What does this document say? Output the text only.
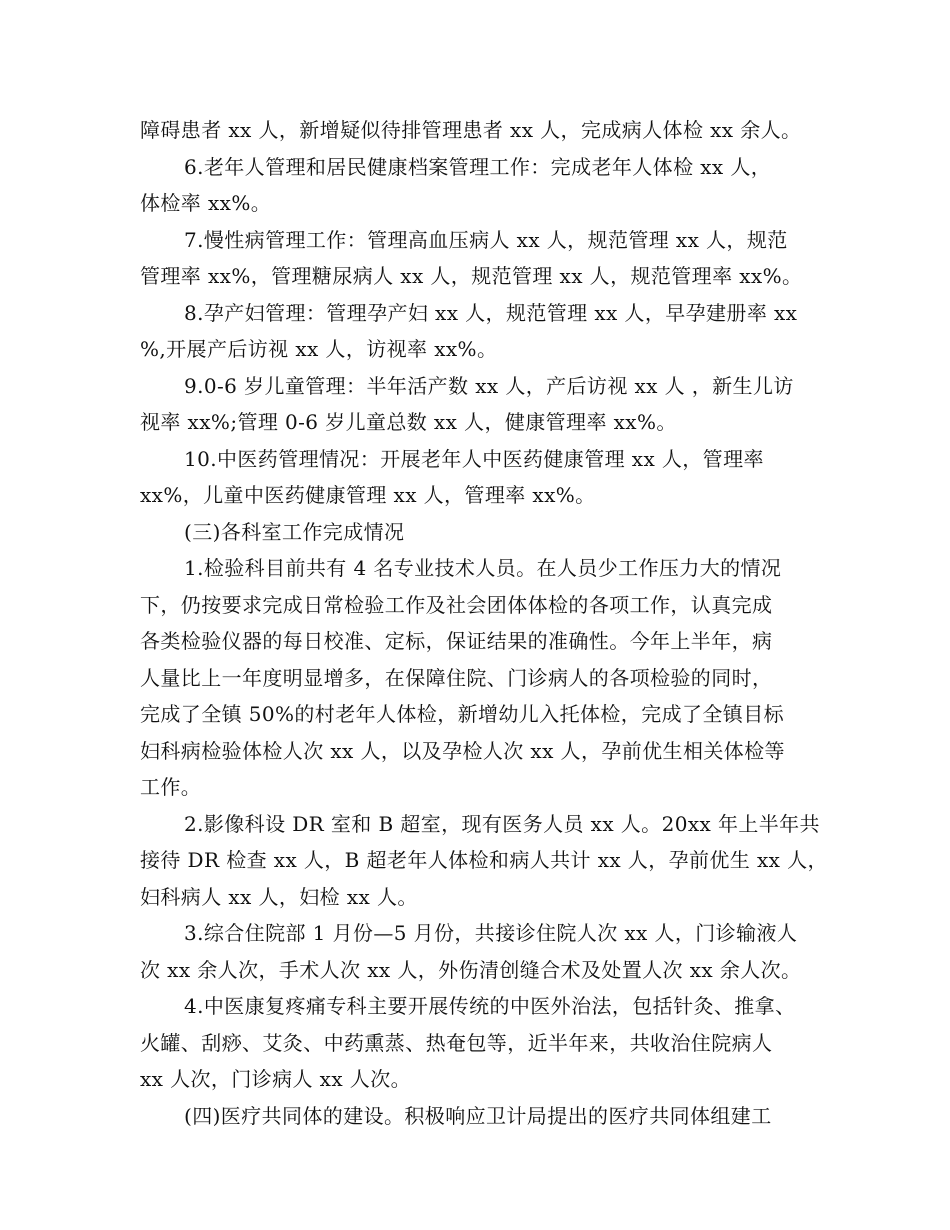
障碍患者 xx 人，新增疑似待排管理患者 xx 人，完成病人体检 xx 余人。
6.老年人管理和居民健康档案管理工作：完成老年人体检 xx 人，
体检率 xx%。
7.慢性病管理工作：管理高血压病人 xx 人，规范管理 xx 人，规范
管理率 xx%，管理糖尿病人 xx 人，规范管理 xx 人，规范管理率 xx%。
8.孕产妇管理：管理孕产妇 xx 人，规范管理 xx 人，早孕建册率 xx
%,开展产后访视 xx 人，访视率 xx%。
9.0-6 岁儿童管理：半年活产数 xx 人，产后访视 xx 人 ，新生儿访
视率 xx%;管理 0-6 岁儿童总数 xx 人，健康管理率 xx%。
10.中医药管理情况：开展老年人中医药健康管理 xx 人，管理率
xx%，儿童中医药健康管理 xx 人，管理率 xx%。
(三)各科室工作完成情况
1.检验科目前共有 4 名专业技术人员。在人员少工作压力大的情况
下，仍按要求完成日常检验工作及社会团体体检的各项工作，认真完成
各类检验仪器的每日校准、定标，保证结果的准确性。今年上半年，病
人量比上一年度明显增多，在保障住院、门诊病人的各项检验的同时，
完成了全镇 50%的村老年人体检，新增幼儿入托体检，完成了全镇目标
妇科病检验体检人次 xx 人，以及孕检人次 xx 人，孕前优生相关体检等
工作。
2.影像科设 DR 室和 B 超室，现有医务人员 xx 人。20xx 年上半年共
接待 DR 检查 xx 人，B 超老年人体检和病人共计 xx 人，孕前优生 xx 人，
妇科病人 xx 人，妇检 xx 人。
3.综合住院部 1 月份—5 月份，共接诊住院人次 xx 人，门诊输液人
次 xx 余人次，手术人次 xx 人，外伤清创缝合术及处置人次 xx 余人次。
4.中医康复疼痛专科主要开展传统的中医外治法，包括针灸、推拿、
火罐、刮痧、艾灸、中药熏蒸、热奄包等，近半年来，共收治住院病人
xx 人次，门诊病人 xx 人次。
(四)医疗共同体的建设。积极响应卫计局提出的医疗共同体组建工
